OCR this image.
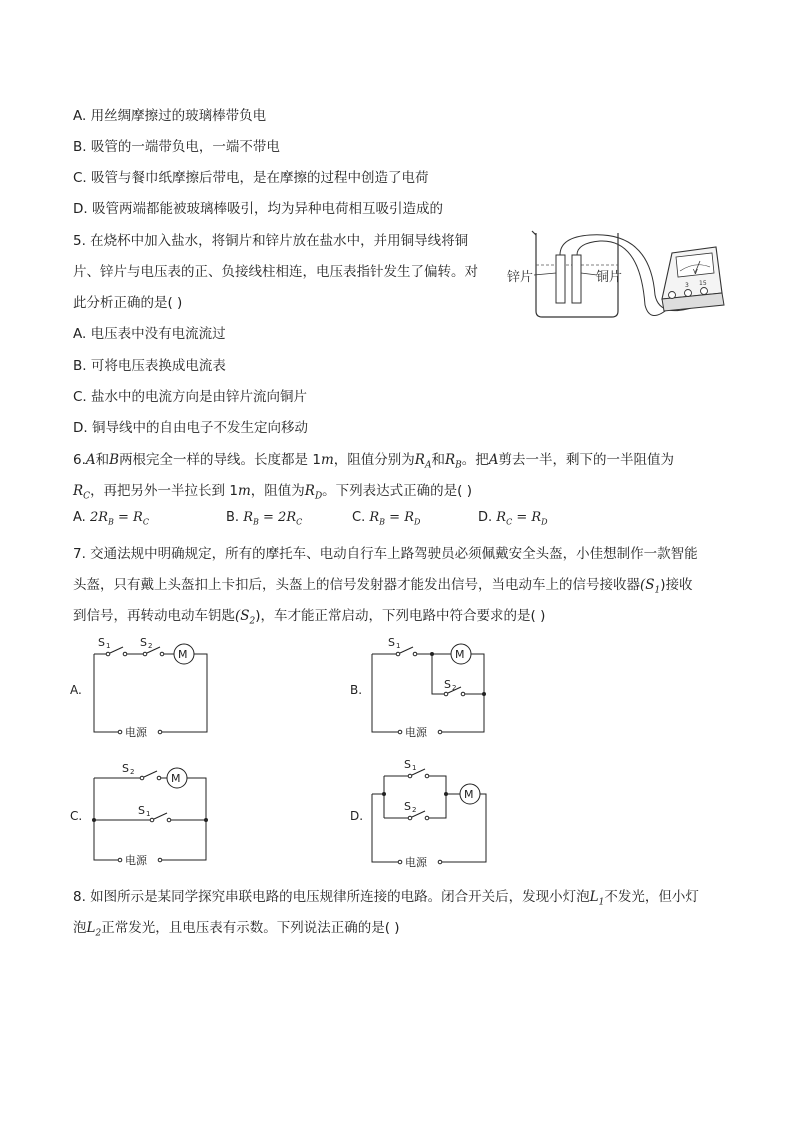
A. 用丝绸摩擦过的玻璃棒带负电
B. 吸管的一端带负电，一端不带电
C. 吸管与餐巾纸摩擦后带电，是在摩擦的过程中创造了电荷
D. 吸管两端都能被玻璃棒吸引，均为异种电荷相互吸引造成的
5. 在烧杯中加入盐水，将铜片和锌片放在盐水中，并用铜导线将铜
片、锌片与电压表的正、负接线柱相连，电压表指针发生了偏转。对
此分析正确的是( )
A. 电压表中没有电流流过
B. 可将电压表换成电流表
C. 盐水中的电流方向是由锌片流向铜片
D. 铜导线中的自由电子不发生定向移动
锌片	铜片	V
3 15
6.A和B两根完全一样的导线。长度都是 1m，阻值分别为$R_A$和$R_B$。把A剪去一半，剩下的一半阻值为
$R_C$，再把另外一半拉长到 1m，阻值为$R_D$。下列表达式正确的是( )
A. $2R_B = R_C$	B. $R_B = 2R_C$	C. $R_B = R_D$	D. $R_C = R_D$
7. 交通法规中明确规定，所有的摩托车、电动自行车上路驾驶员必须佩戴安全头盔，小佳想制作一款智能
头盔，只有戴上头盔扣上卡扣后，头盔上的信号发射器才能发出信号，当电动车上的信号接收器$(S_1)$接收
到信号，再转动电动车钥匙$(S_2)$，车才能正常启动，下列电路中符合要求的是( )
A.
M
电源
S 1	S 2
B.
M
电源
S 1
S 2
C.
M
电源
S 2
S 1	D.
M
电源
S 1
S 2
8. 如图所示是某同学探究串联电路的电压规律所连接的电路。闭合开关后，发现小灯泡$L_1$不发光，但小灯
泡$L_2$正常发光，且电压表有示数。下列说法正确的是( )
